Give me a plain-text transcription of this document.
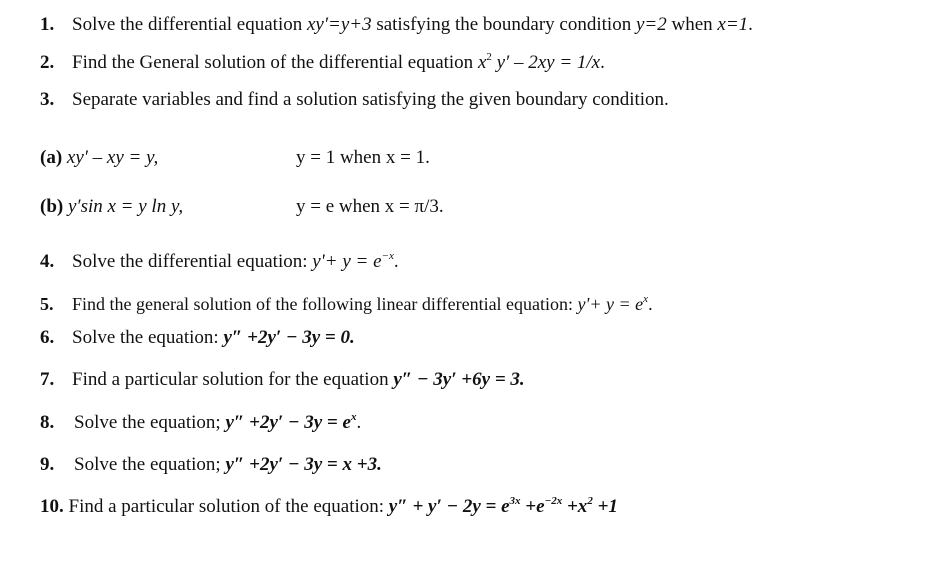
1. Solve the differential equation xy′=y+3 satisfying the boundary condition y=2 when x=1.
2. Find the General solution of the differential equation $x^2$ y′ – 2xy = 1/x.
3. Separate variables and find a solution satisfying the given boundary condition.
(a) xy′ – xy = y,	y = 1 when x = 1.
(b) y′sin x = y ln y,	y = e when x = π/3.
4. Solve the differential equation: $y'+ y = e^{-x}$.
5. Find the general solution of the following linear differential equation: $y'+ y = e^x$.
6. Solve the equation: y″ +2y′ − 3y = 0.
7. Find a particular solution for the equation y″ − 3y′ +6y = 3.
8. Solve the equation; $y'' +2y' - 3y = e^x$.
9. Solve the equation; y″ +2y′ − 3y = x +3.
10. Find a particular solution of the equation: $y'' + y' - 2y = e^{3x} +e^{-2x} +x^2 +1$
